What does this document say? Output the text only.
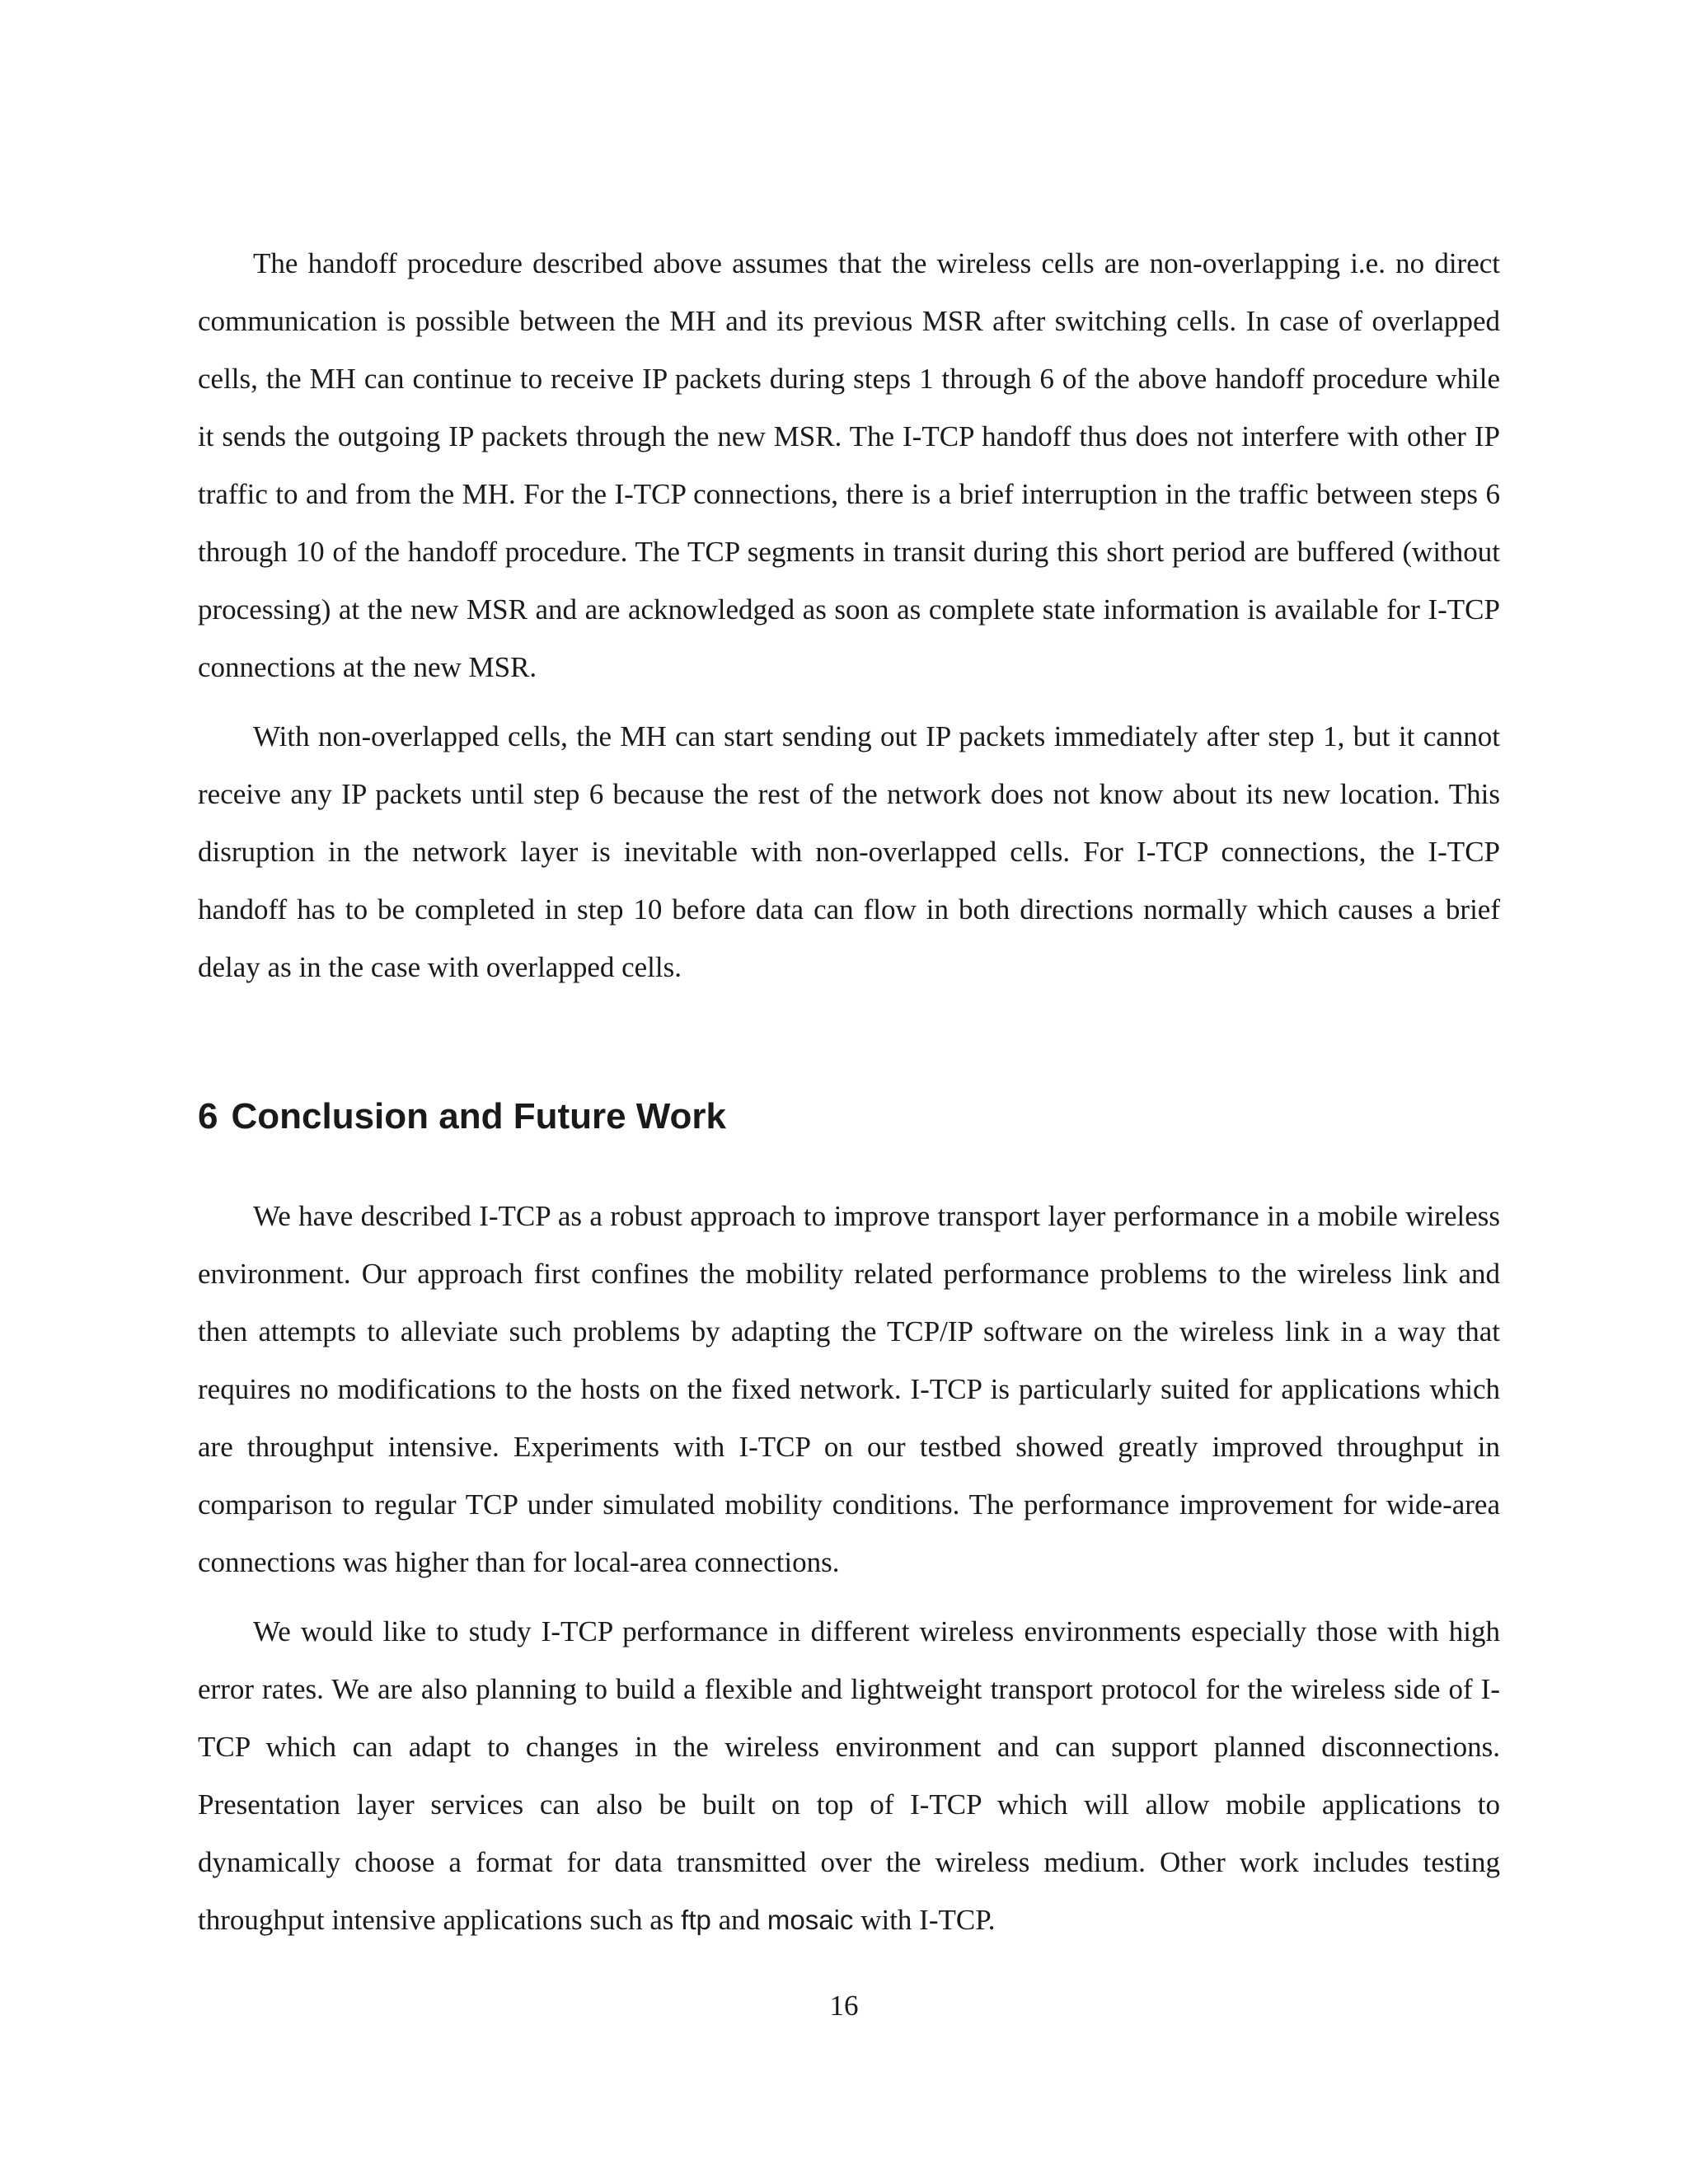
The handoff procedure described above assumes that the wireless cells are non-overlapping i.e. no direct communication is possible between the MH and its previous MSR after switching cells. In case of overlapped cells, the MH can continue to receive IP packets during steps 1 through 6 of the above handoff procedure while it sends the outgoing IP packets through the new MSR. The I-TCP handoff thus does not interfere with other IP traffic to and from the MH. For the I-TCP connections, there is a brief interruption in the traffic between steps 6 through 10 of the handoff procedure. The TCP segments in transit during this short period are buffered (without processing) at the new MSR and are acknowledged as soon as complete state information is available for I-TCP connections at the new MSR.

With non-overlapped cells, the MH can start sending out IP packets immediately after step 1, but it cannot receive any IP packets until step 6 because the rest of the network does not know about its new location. This disruption in the network layer is inevitable with non-overlapped cells. For I-TCP connections, the I-TCP handoff has to be completed in step 10 before data can flow in both directions normally which causes a brief delay as in the case with overlapped cells.

6 Conclusion and Future Work

We have described I-TCP as a robust approach to improve transport layer performance in a mobile wireless environment. Our approach first confines the mobility related performance problems to the wireless link and then attempts to alleviate such problems by adapting the TCP/IP software on the wireless link in a way that requires no modifications to the hosts on the fixed network. I-TCP is particularly suited for applications which are throughput intensive. Experiments with I-TCP on our testbed showed greatly improved throughput in comparison to regular TCP under simulated mobility conditions. The performance improvement for wide-area connections was higher than for local-area connections.

We would like to study I-TCP performance in different wireless environments especially those with high error rates. We are also planning to build a flexible and lightweight transport protocol for the wireless side of I-TCP which can adapt to changes in the wireless environment and can support planned disconnections. Presentation layer services can also be built on top of I-TCP which will allow mobile applications to dynamically choose a format for data transmitted over the wireless medium. Other work includes testing throughput intensive applications such as ftp and mosaic with I-TCP.

16
